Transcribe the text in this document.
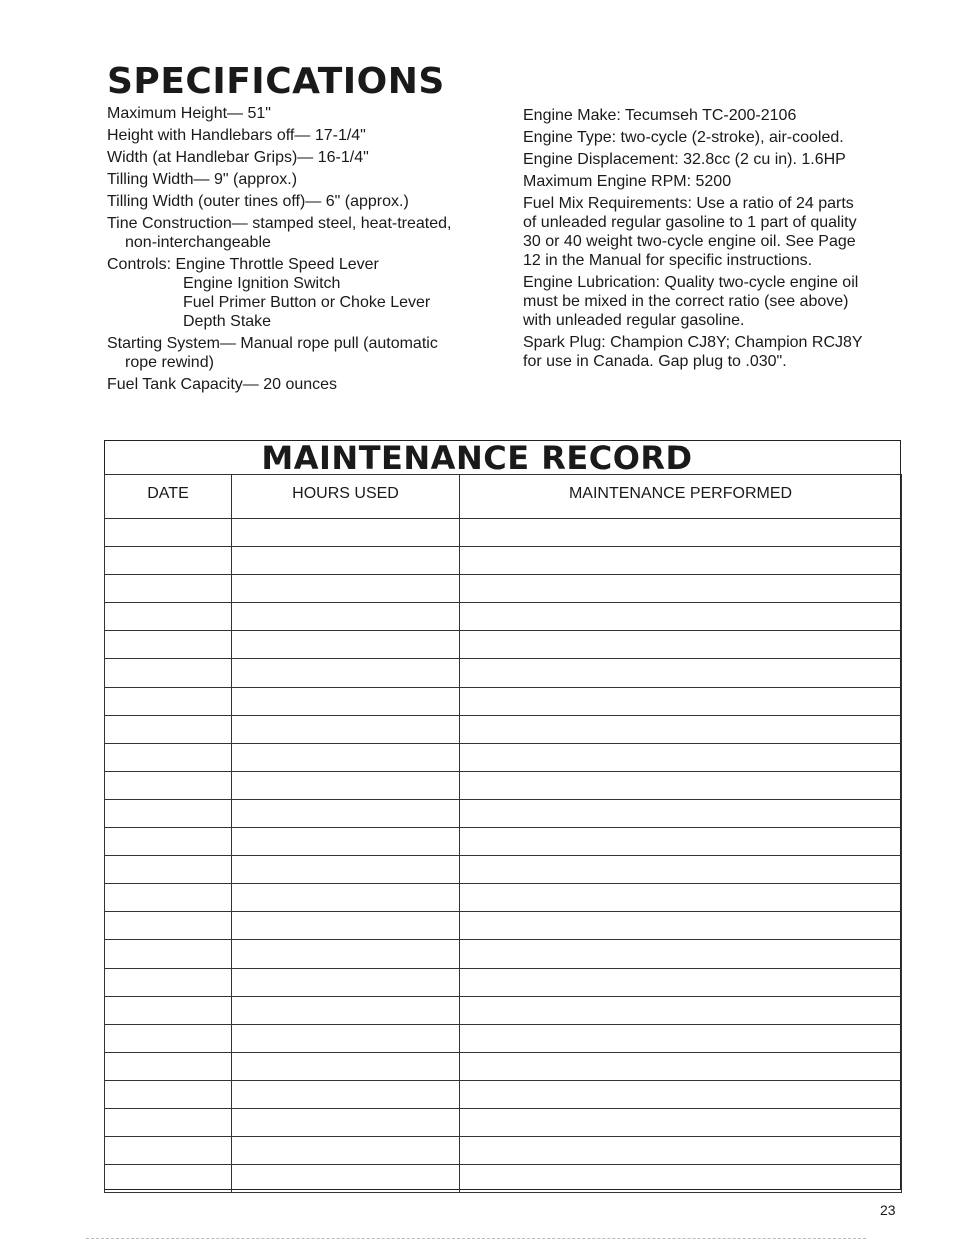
SPECIFICATIONS

Maximum Height— 51"

Height with Handlebars off— 17-1/4"

Width (at Handlebar Grips)— 16-1/4"

Tilling Width— 9" (approx.)

Tilling Width (outer tines off)— 6" (approx.)

Tine Construction— stamped steel, heat-treated,

non-interchangeable

Controls: Engine Throttle Speed Lever

Engine Ignition Switch

Fuel Primer Button or Choke Lever

Depth Stake

Starting System— Manual rope pull (automatic

rope rewind)

Fuel Tank Capacity— 20 ounces

Engine Make: Tecumseh TC-200-2106

Engine Type: two-cycle (2-stroke), air-cooled.

Engine Displacement: 32.8cc (2 cu in). 1.6HP

Maximum Engine RPM: 5200

Fuel Mix Requirements: Use a ratio of 24 parts

of unleaded regular gasoline to 1 part of quality

30 or 40 weight two-cycle engine oil. See Page

12 in the Manual for specific instructions.

Engine Lubrication: Quality two-cycle engine oil

must be mixed in the correct ratio (see above)

with unleaded regular gasoline.

Spark Plug: Champion CJ8Y; Champion RCJ8Y

for use in Canada. Gap plug to .030".

MAINTENANCE RECORD
DATE	HOURS USED	MAINTENANCE PERFORMED

23
